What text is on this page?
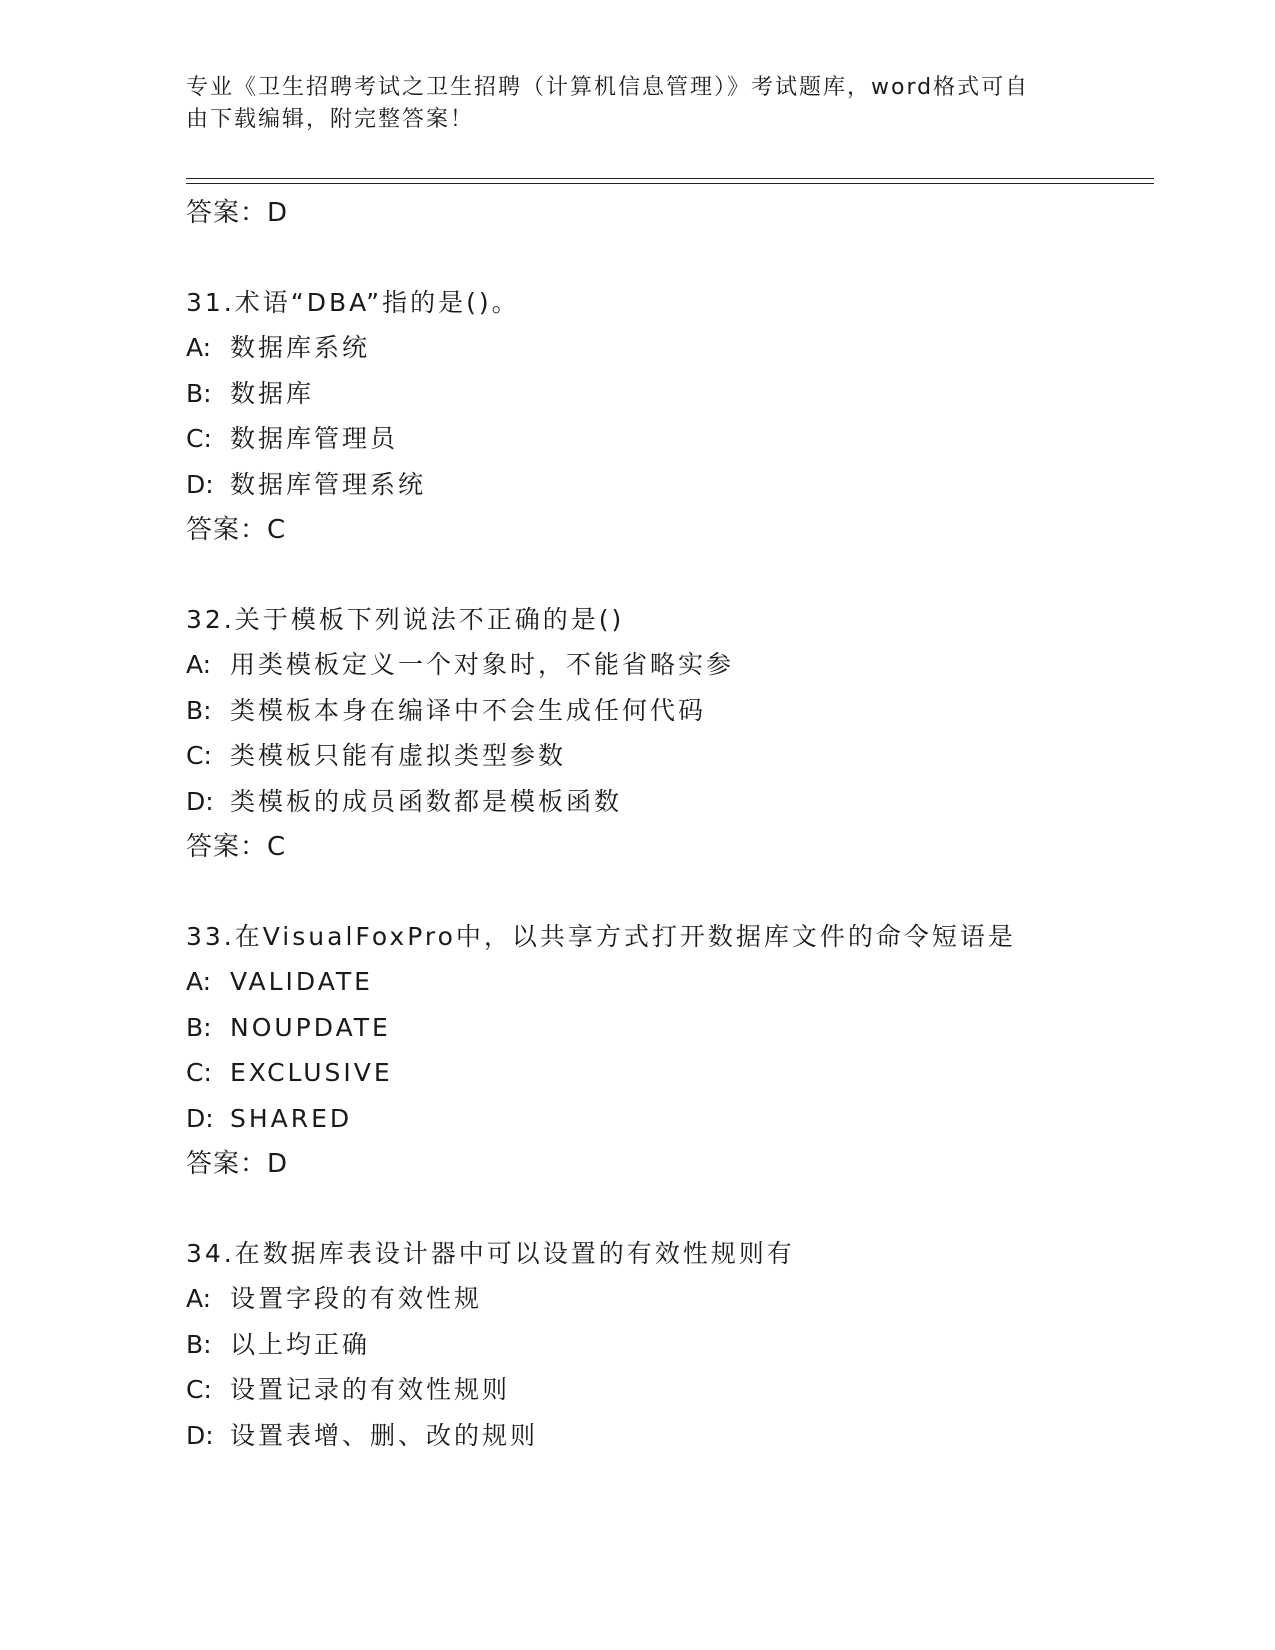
专业《卫生招聘考试之卫生招聘（计算机信息管理）》考试题库，word格式可自
由下载编辑，附完整答案！
答案：D
31.术语“DBA”指的是()。
A: 数据库系统
B: 数据库
C: 数据库管理员
D: 数据库管理系统
答案：C
32.关于模板下列说法不正确的是()
A: 用类模板定义一个对象时，不能省略实参
B: 类模板本身在编译中不会生成任何代码
C: 类模板只能有虚拟类型参数
D: 类模板的成员函数都是模板函数
答案：C
33.在VisualFoxPro中，以共享方式打开数据库文件的命令短语是
A: VALIDATE
B: NOUPDATE
C: EXCLUSIVE
D: SHARED
答案：D
34.在数据库表设计器中可以设置的有效性规则有
A: 设置字段的有效性规
B: 以上均正确
C: 设置记录的有效性规则
D: 设置表增、删、改的规则
